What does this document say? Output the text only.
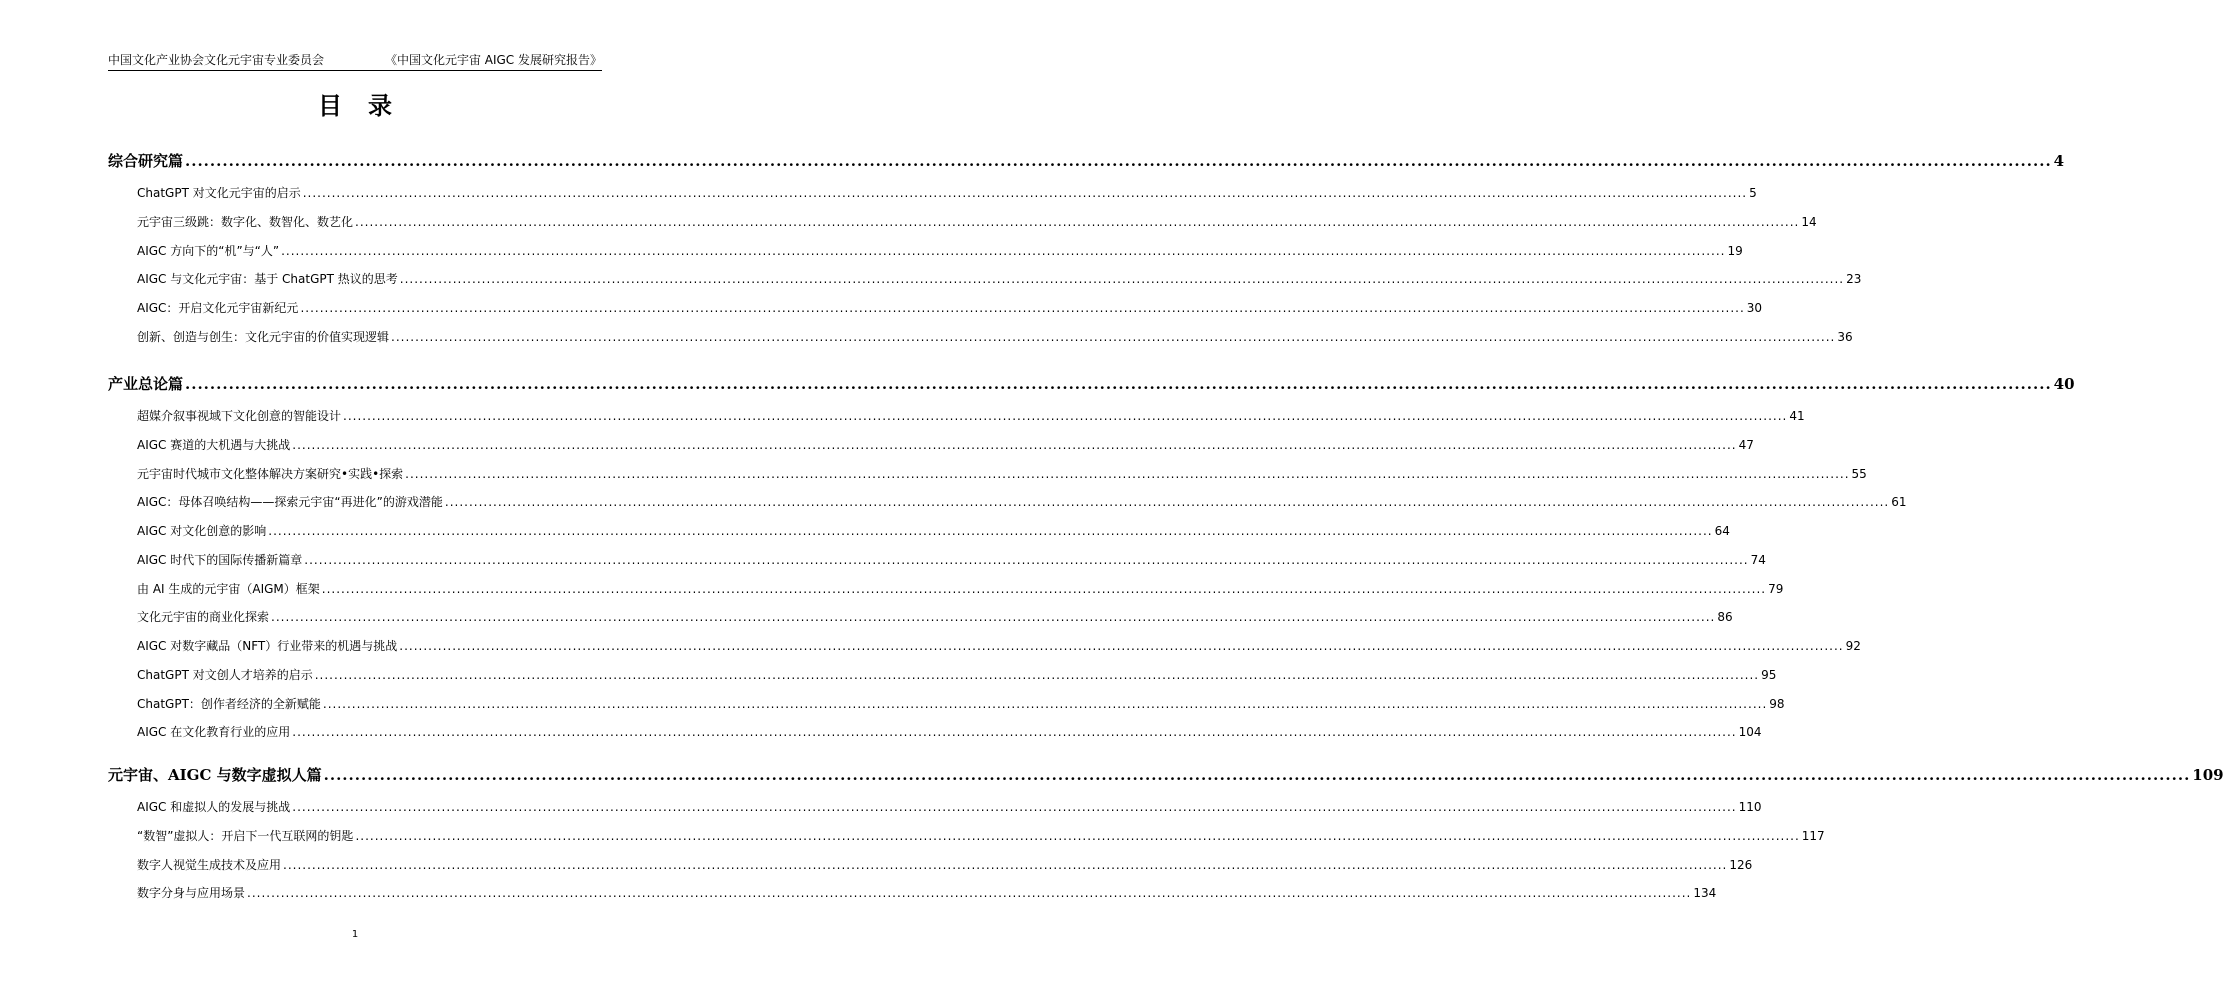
中国文化产业协会文化元宇宙专业委员会	《中国文化元宇宙 AIGC 发展研究报告》
目录
综合研究篇 ............................................................................................................................................................................................................................................................................................................ 4
ChatGPT 对文化元宇宙的启示 ............................................................................................................................................................................................................................................................................................................ 5
元宇宙三级跳：数字化、数智化、数艺化 ............................................................................................................................................................................................................................................................................................................ 14
AIGC 方向下的“机”与“人” ............................................................................................................................................................................................................................................................................................................ 19
AIGC 与文化元宇宙：基于 ChatGPT 热议的思考 ............................................................................................................................................................................................................................................................................................................ 23
AIGC：开启文化元宇宙新纪元 ............................................................................................................................................................................................................................................................................................................ 30
创新、创造与创生：文化元宇宙的价值实现逻辑 ............................................................................................................................................................................................................................................................................................................ 36
产业总论篇 ............................................................................................................................................................................................................................................................................................................ 40
超媒介叙事视域下文化创意的智能设计 ............................................................................................................................................................................................................................................................................................................ 41
AIGC 赛道的大机遇与大挑战 ............................................................................................................................................................................................................................................................................................................ 47
元宇宙时代城市文化整体解决方案研究•实践•探索 ............................................................................................................................................................................................................................................................................................................ 55
AIGC：母体召唤结构——探索元宇宙“再进化”的游戏潜能 ............................................................................................................................................................................................................................................................................................................ 61
AIGC 对文化创意的影响 ............................................................................................................................................................................................................................................................................................................ 64
AIGC 时代下的国际传播新篇章 ............................................................................................................................................................................................................................................................................................................ 74
由 AI 生成的元宇宙（AIGM）框架 ............................................................................................................................................................................................................................................................................................................ 79
文化元宇宙的商业化探索 ............................................................................................................................................................................................................................................................................................................ 86
AIGC 对数字藏品（NFT）行业带来的机遇与挑战 ............................................................................................................................................................................................................................................................................................................ 92
ChatGPT 对文创人才培养的启示 ............................................................................................................................................................................................................................................................................................................ 95
ChatGPT：创作者经济的全新赋能 ............................................................................................................................................................................................................................................................................................................ 98
AIGC 在文化教育行业的应用 ............................................................................................................................................................................................................................................................................................................ 104
元宇宙、AIGC 与数字虚拟人篇 ............................................................................................................................................................................................................................................................................................................ 109
AIGC 和虚拟人的发展与挑战 ............................................................................................................................................................................................................................................................................................................ 110
“数智”虚拟人：开启下一代互联网的钥匙 ............................................................................................................................................................................................................................................................................................................ 117
数字人视觉生成技术及应用 ............................................................................................................................................................................................................................................................................................................ 126
数字分身与应用场景 ............................................................................................................................................................................................................................................................................................................ 134
1
